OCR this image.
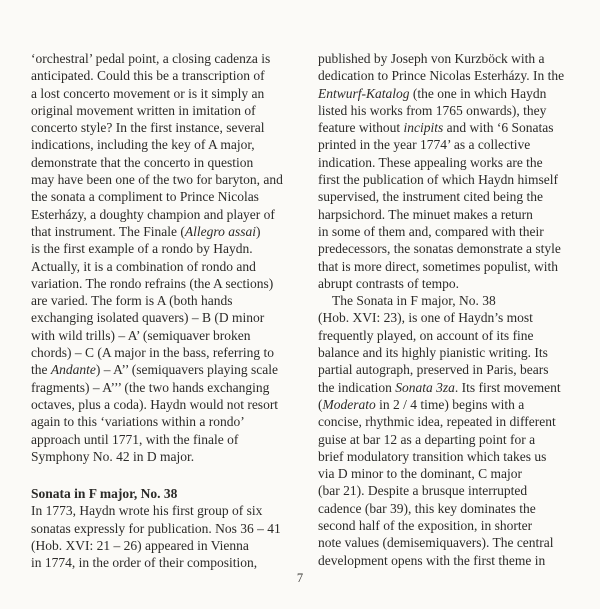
‘orchestral’ pedal point, a closing cadenza is
anticipated. Could this be a transcription of
a lost concerto movement or is it simply an
original movement written in imitation of
concerto style? In the first instance, several
indications, including the key of A major,
demonstrate that the concerto in question
may have been one of the two for baryton, and
the sonata a compliment to Prince Nicolas
Esterházy, a doughty champion and player of
that instrument. The Finale (Allegro assai)
is the first example of a rondo by Haydn.
Actually, it is a combination of rondo and
variation. The rondo refrains (the A sections)
are varied. The form is A (both hands
exchanging isolated quavers) – B (D minor
with wild trills) – A’ (semiquaver broken
chords) – C (A major in the bass, referring to
the Andante) – A’’ (semiquavers playing scale
fragments) – A’’’ (the two hands exchanging
octaves, plus a coda). Haydn would not resort
again to this ‘variations within a rondo’
approach until 1771, with the finale of
Symphony No. 42 in D major.
Sonata in F major, No. 38
In 1773, Haydn wrote his first group of six
sonatas expressly for publication. Nos 36 – 41
(Hob. XVI: 21 – 26) appeared in Vienna
in 1774, in the order of their composition,
published by Joseph von Kurzböck with a
dedication to Prince Nicolas Esterházy. In the
Entwurf-Katalog (the one in which Haydn
listed his works from 1765 onwards), they
feature without incipits and with ‘6 Sonatas
printed in the year 1774’ as a collective
indication. These appealing works are the
first the publication of which Haydn himself
supervised, the instrument cited being the
harpsichord. The minuet makes a return
in some of them and, compared with their
predecessors, the sonatas demonstrate a style
that is more direct, sometimes populist, with
abrupt contrasts of tempo.
The Sonata in F major, No. 38
(Hob. XVI: 23), is one of Haydn’s most
frequently played, on account of its fine
balance and its highly pianistic writing. Its
partial autograph, preserved in Paris, bears
the indication Sonata 3za. Its first movement
(Moderato in 2 / 4 time) begins with a
concise, rhythmic idea, repeated in different
guise at bar 12 as a departing point for a
brief modulatory transition which takes us
via D minor to the dominant, C major
(bar 21). Despite a brusque interrupted
cadence (bar 39), this key dominates the
second half of the exposition, in shorter
note values (demisemiquavers). The central
development opens with the first theme in
7
